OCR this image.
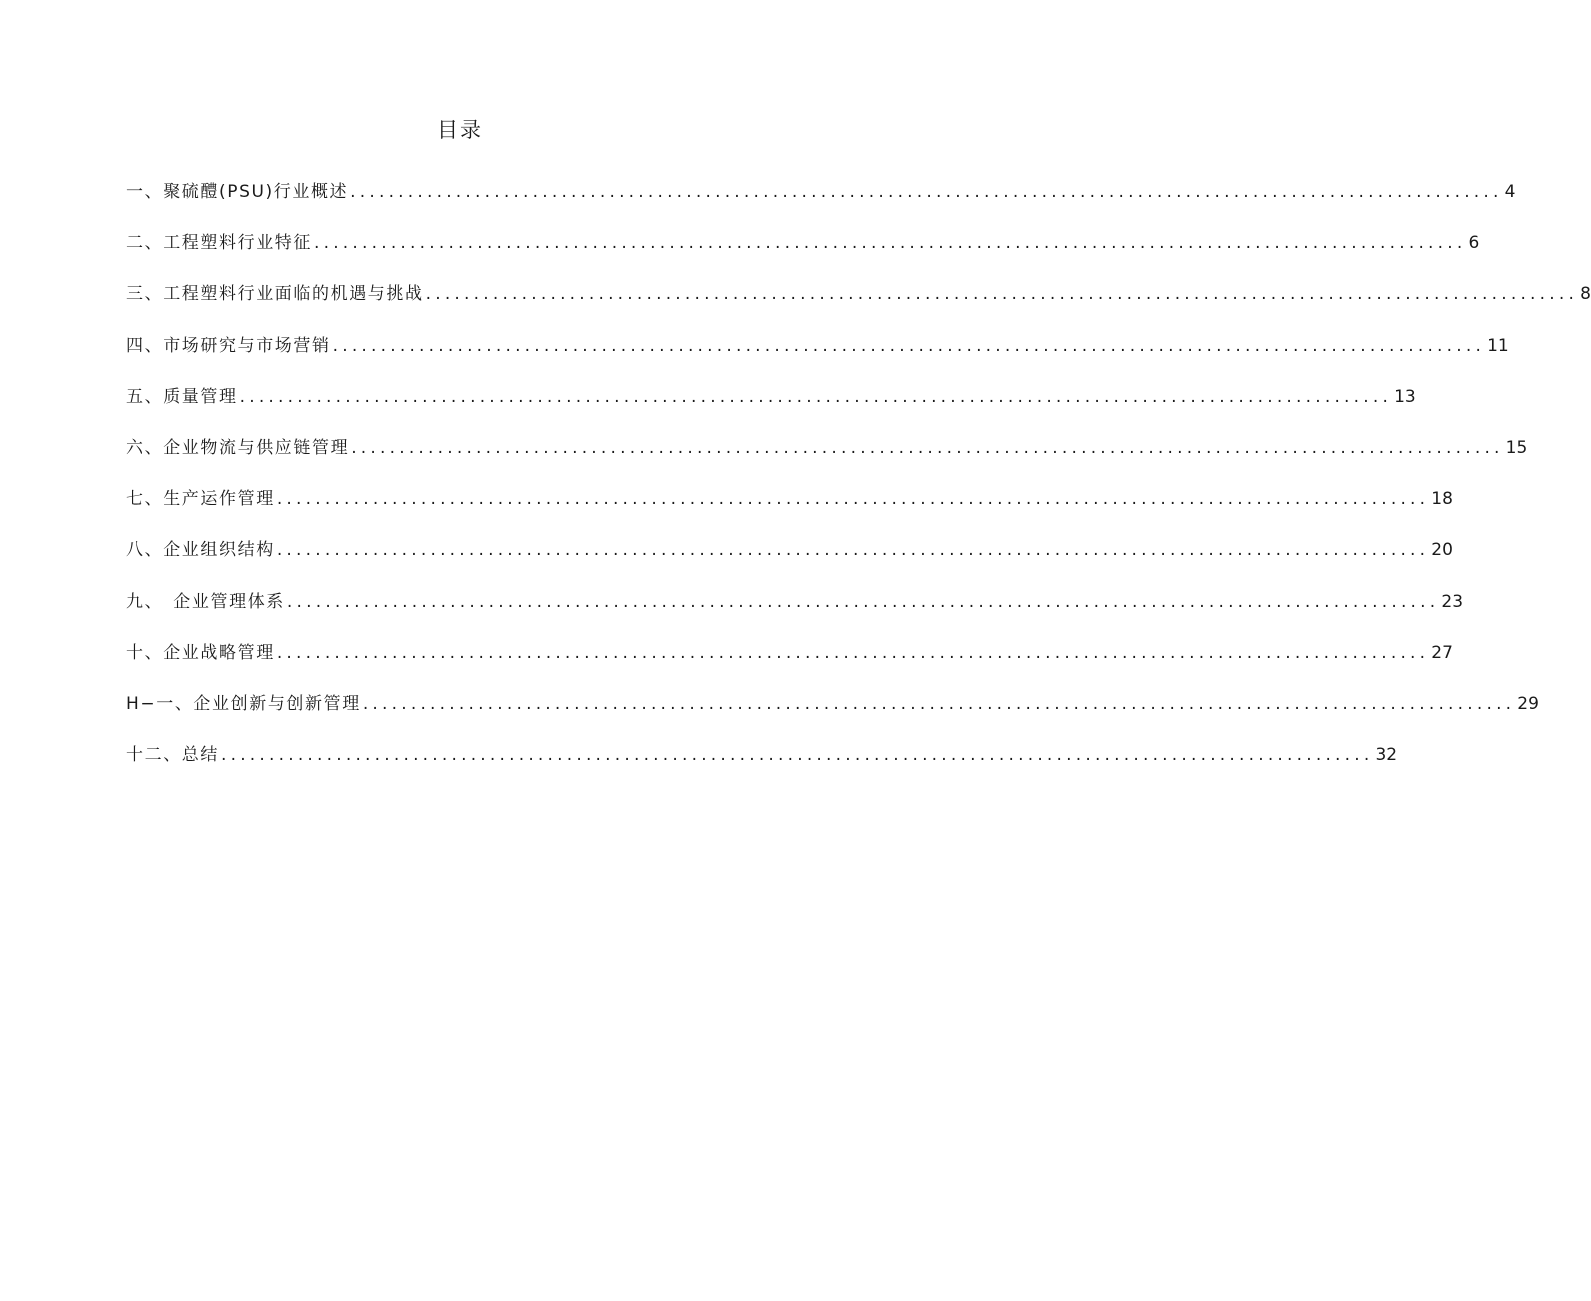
目录
一、聚硫醴(PSU)行业概述 ........................................................................................................................ 4
二、工程塑料行业特征 ........................................................................................................................ 6
三、工程塑料行业面临的机遇与挑战 ........................................................................................................................ 8
四、市场研究与市场营销 ........................................................................................................................ 11
五、质量管理 ........................................................................................................................ 13
六、企业物流与供应链管理 ........................................................................................................................ 15
七、生产运作管理 ........................................................................................................................ 18
八、企业组织结构 ........................................................................................................................ 20
九、　企业管理体系 ........................................................................................................................ 23
十、企业战略管理 ........................................................................................................................ 27
H−一、企业创新与创新管理 ........................................................................................................................ 29
十二、总结 ........................................................................................................................ 32
